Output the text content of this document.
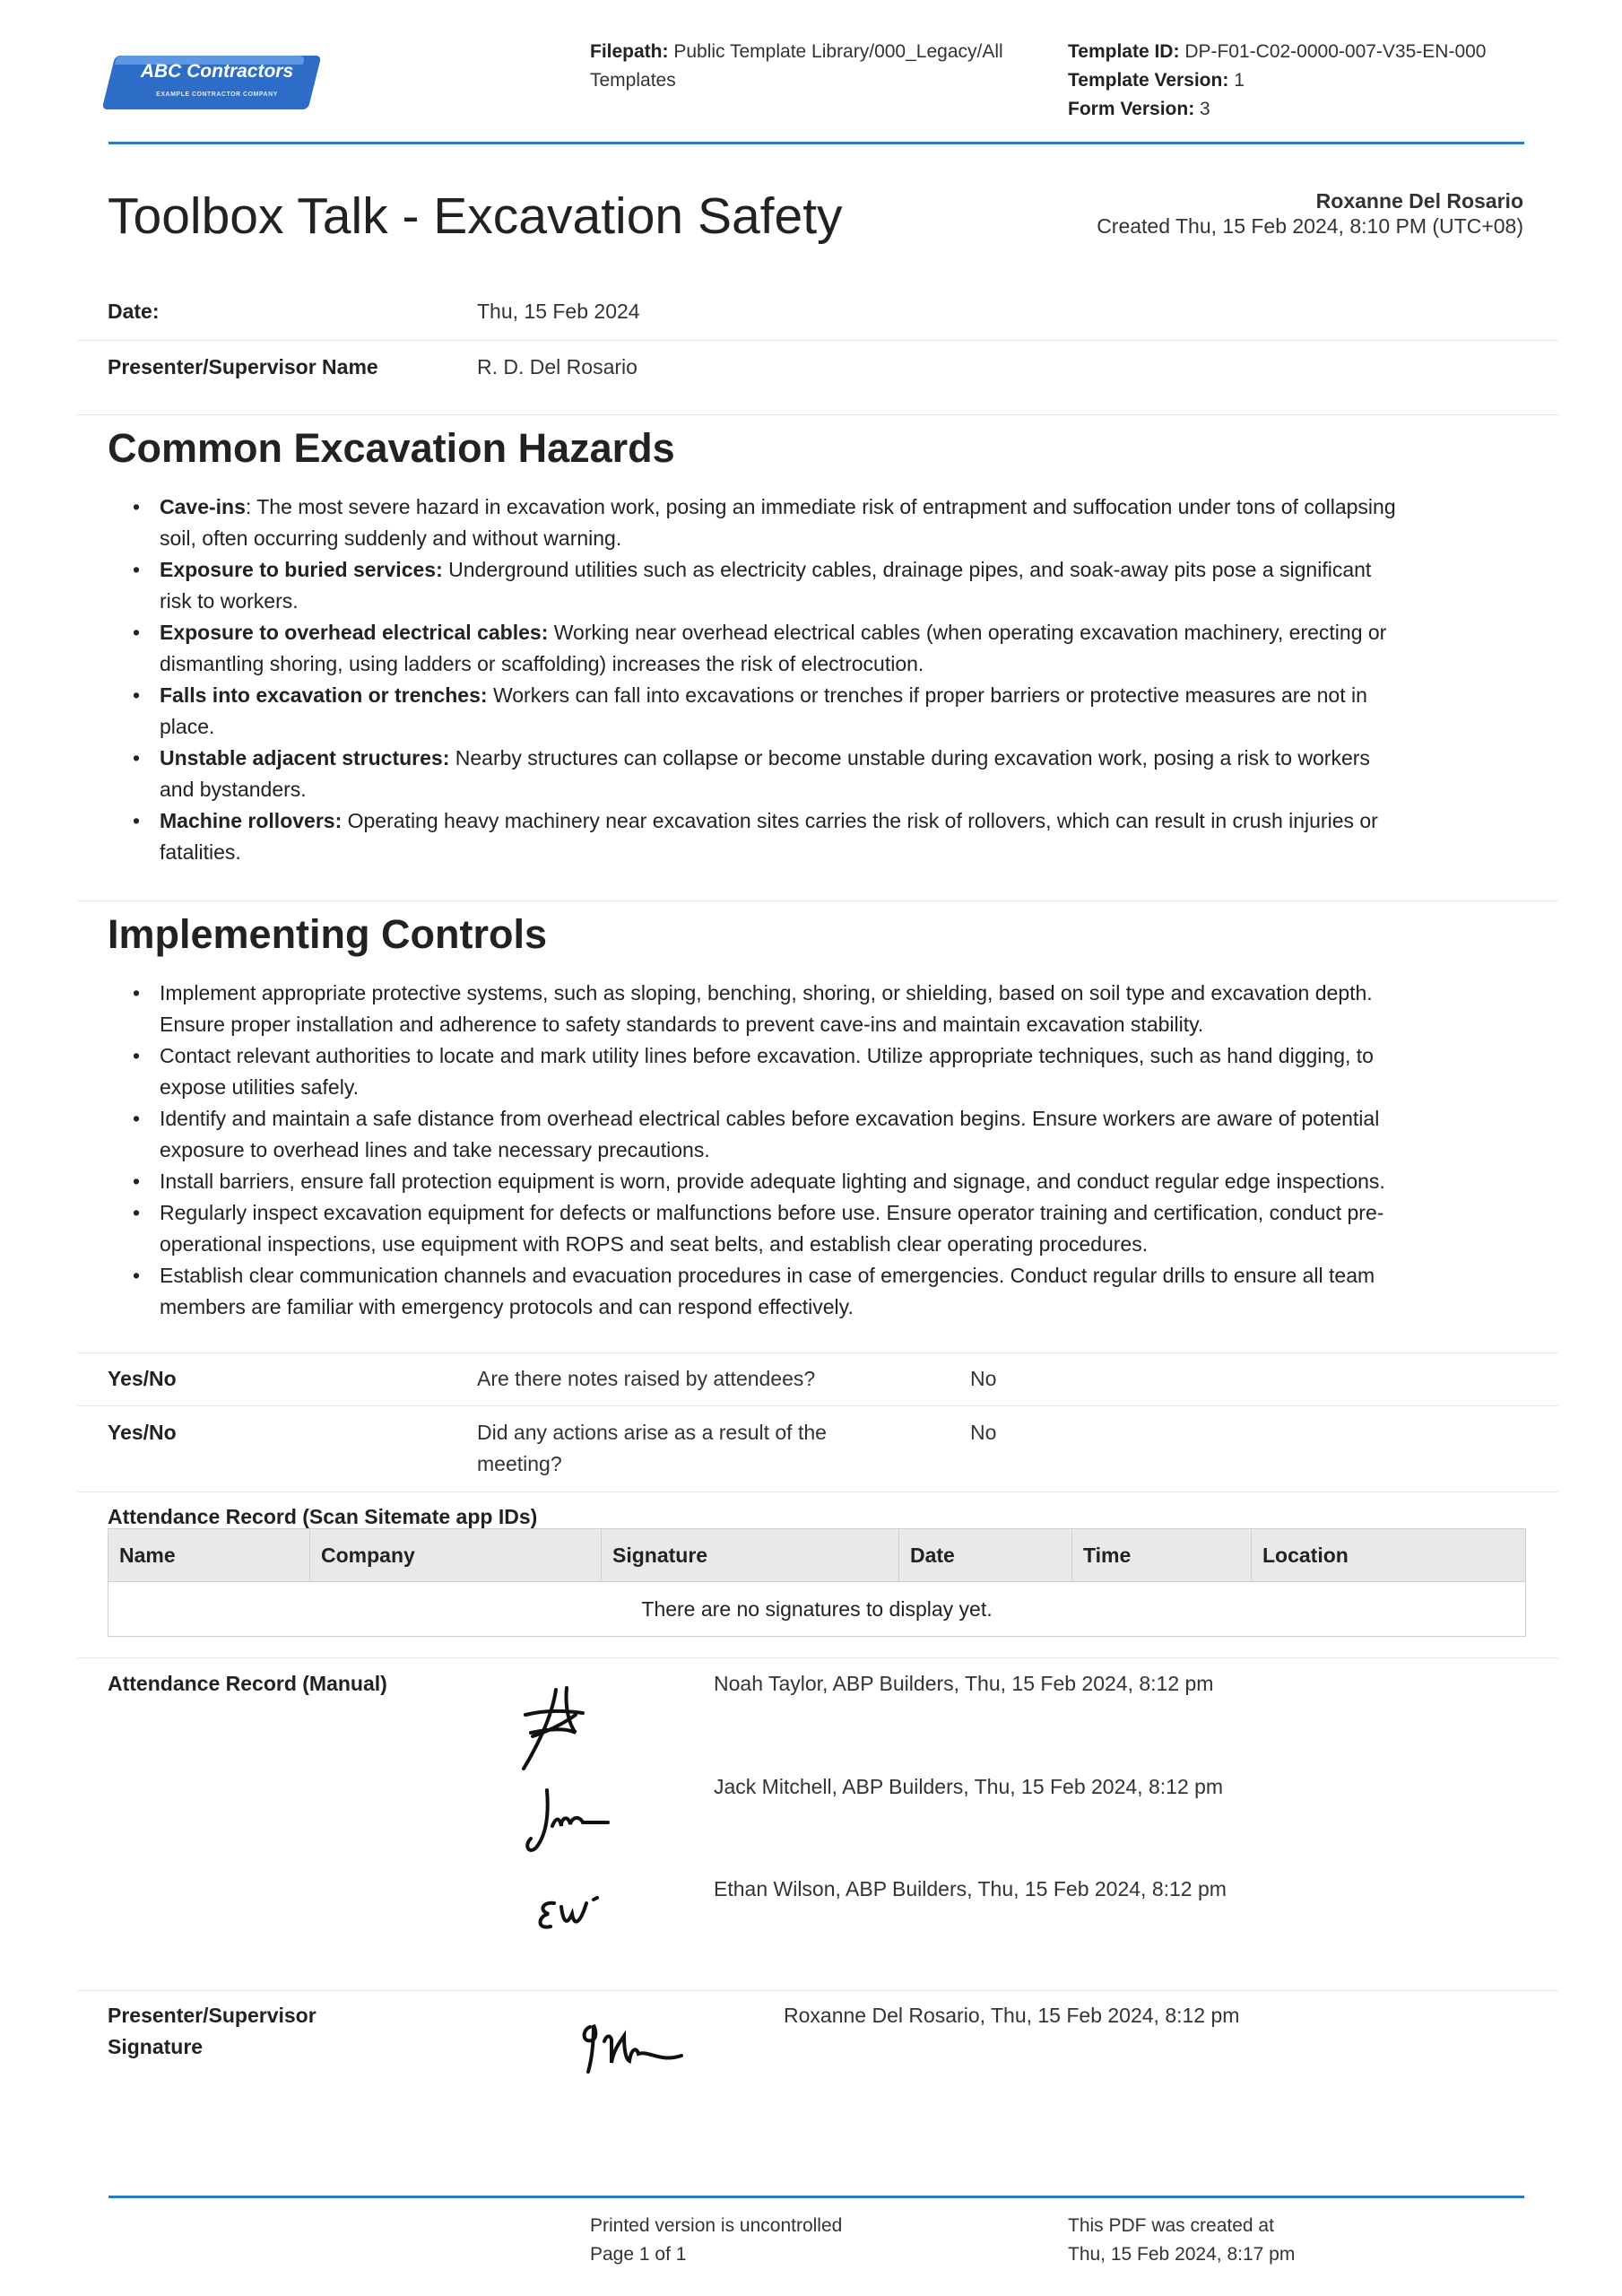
ABC Contractors
EXAMPLE CONTRACTOR COMPANY
Filepath: Public Template Library/000_Legacy/All
Templates
Template ID: DP-F01-C02-0000-007-V35-EN-000
Template Version: 1
Form Version: 3
Toolbox Talk - Excavation Safety	Roxanne Del Rosario
Created Thu, 15 Feb 2024, 8:10 PM (UTC+08)
Date:	Thu, 15 Feb 2024
Presenter/Supervisor Name	R. D. Del Rosario
Common Excavation Hazards
• Cave-ins: The most severe hazard in excavation work, posing an immediate risk of entrapment and suffocation under tons of collapsing
soil, often occurring suddenly and without warning.
• Exposure to buried services: Underground utilities such as electricity cables, drainage pipes, and soak-away pits pose a significant
risk to workers.
• Exposure to overhead electrical cables: Working near overhead electrical cables (when operating excavation machinery, erecting or
dismantling shoring, using ladders or scaffolding) increases the risk of electrocution.
• Falls into excavation or trenches: Workers can fall into excavations or trenches if proper barriers or protective measures are not in
place.
• Unstable adjacent structures: Nearby structures can collapse or become unstable during excavation work, posing a risk to workers
and bystanders.
• Machine rollovers: Operating heavy machinery near excavation sites carries the risk of rollovers, which can result in crush injuries or
fatalities.
Implementing Controls
• Implement appropriate protective systems, such as sloping, benching, shoring, or shielding, based on soil type and excavation depth.
Ensure proper installation and adherence to safety standards to prevent cave-ins and maintain excavation stability.
• Contact relevant authorities to locate and mark utility lines before excavation. Utilize appropriate techniques, such as hand digging, to
expose utilities safely.
• Identify and maintain a safe distance from overhead electrical cables before excavation begins. Ensure workers are aware of potential
exposure to overhead lines and take necessary precautions.
• Install barriers, ensure fall protection equipment is worn, provide adequate lighting and signage, and conduct regular edge inspections.
• Regularly inspect excavation equipment for defects or malfunctions before use. Ensure operator training and certification, conduct pre-
operational inspections, use equipment with ROPS and seat belts, and establish clear operating procedures.
• Establish clear communication channels and evacuation procedures in case of emergencies. Conduct regular drills to ensure all team
members are familiar with emergency protocols and can respond effectively.
Yes/No	Are there notes raised by attendees?	No
Yes/No	Did any actions arise as a result of the
meeting?
No
Attendance Record (Scan Sitemate app IDs)
Name	Company	Signature	Date	Time	Location
There are no signatures to display yet.
Attendance Record (Manual)	Noah Taylor, ABP Builders, Thu, 15 Feb 2024, 8:12 pm
Jack Mitchell, ABP Builders, Thu, 15 Feb 2024, 8:12 pm
Ethan Wilson, ABP Builders, Thu, 15 Feb 2024, 8:12 pm
Presenter/Supervisor
Signature
Roxanne Del Rosario, Thu, 15 Feb 2024, 8:12 pm
Printed version is uncontrolled
Page 1 of 1
This PDF was created at
Thu, 15 Feb 2024, 8:17 pm
